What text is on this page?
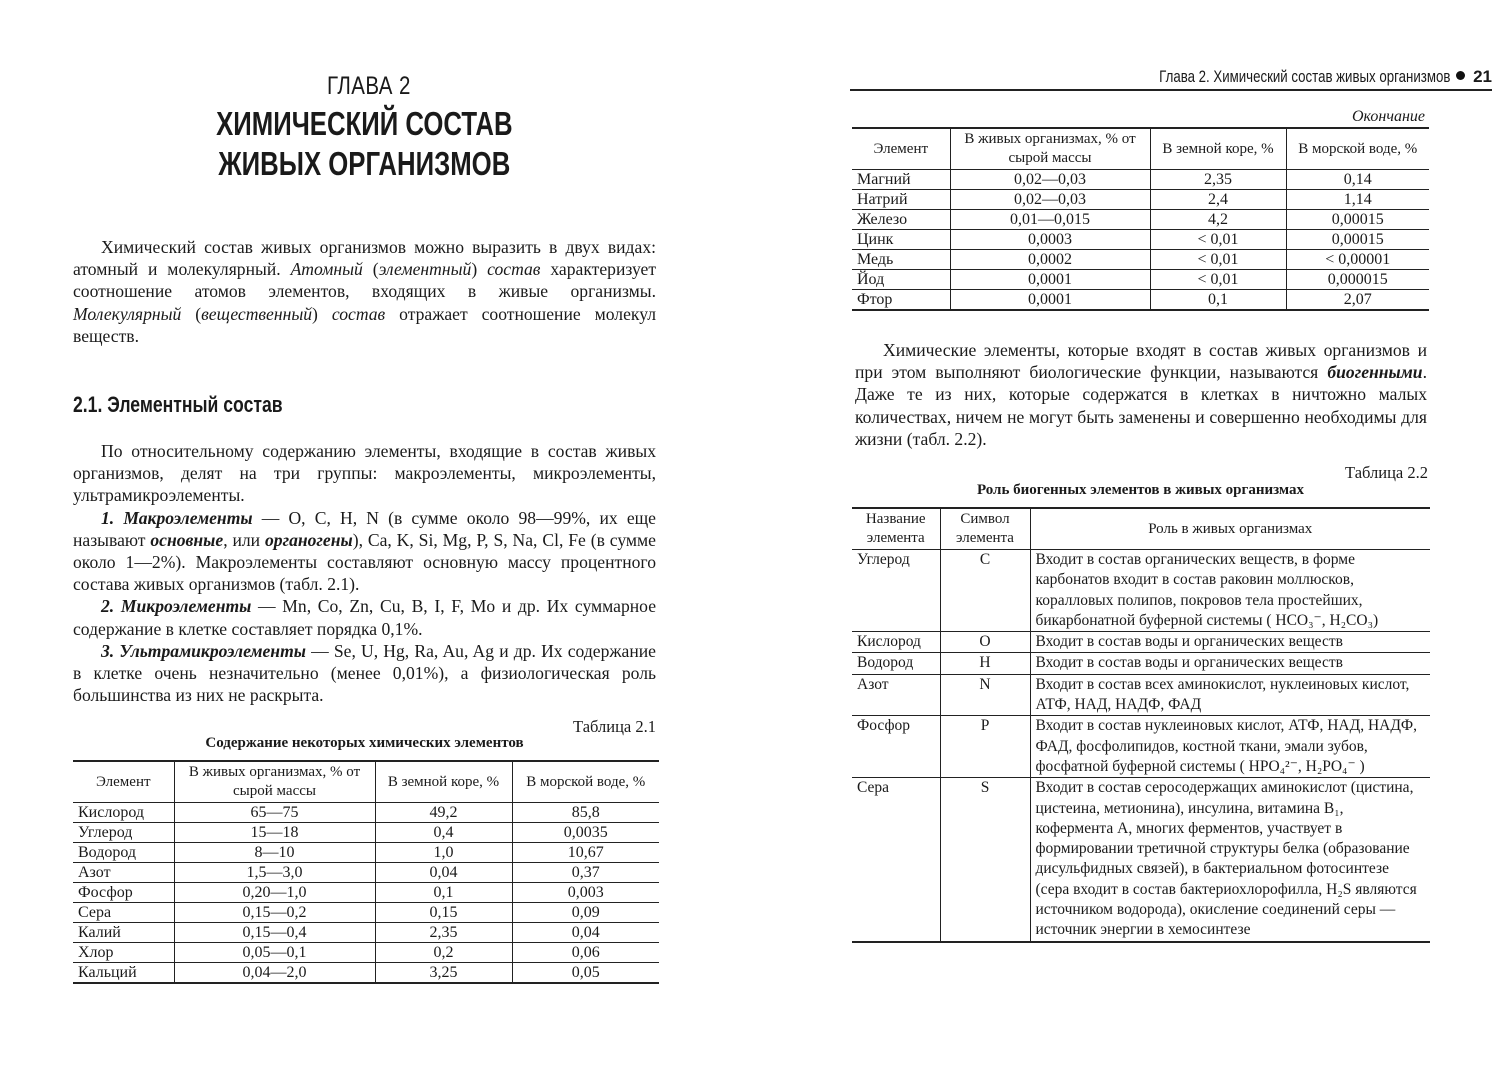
ГЛАВА 2
ХИМИЧЕСКИЙ СОСТАВ
ЖИВЫХ ОРГАНИЗМОВ

Химический состав живых организмов можно выразить в двух видах: атомный и молекулярный. Атомный (элементный) состав характеризует соотношение атомов элементов, входящих в живые организмы. Молекулярный (вещественный) состав отражает соотношение молекул веществ.

2.1. Элементный состав

По относительному содержанию элементы, входящие в состав живых организмов, делят на три группы: макроэлементы, микроэлементы, ультрамикроэлементы.

1. Макроэлементы — O, C, H, N (в сумме около 98—99%, их еще называют основные, или органогены), Ca, K, Si, Mg, P, S, Na, Cl, Fe (в сумме около 1—2%). Макроэлементы составляют основную массу процентного состава живых организмов (табл. 2.1).

2. Микроэлементы — Mn, Co, Zn, Cu, B, I, F, Mo и др. Их суммарное содержание в клетке составляет порядка 0,1%.

3. Ультрамикроэлементы — Se, U, Hg, Ra, Au, Ag и др. Их содержание в клетке очень незначительно (менее 0,01%), а физиологическая роль большинства из них не раскрыта.

Таблица 2.1
Содержание некоторых химических элементов
Элемент	В живых организмах, % от сырой массы	В земной коре, %	В морской воде, %
Кислород	65—75	49,2	85,8
Углерод	15—18	0,4	0,0035
Водород	8—10	1,0	10,67
Азот	1,5—3,0	0,04	0,37
Фосфор	0,20—1,0	0,1	0,003
Сера	0,15—0,2	0,15	0,09
Калий	0,15—0,4	2,35	0,04
Хлор	0,05—0,1	0,2	0,06
Кальций	0,04—2,0	3,25	0,05
Глава 2. Химический состав живых организмов 21
Окончание
Элемент	В живых организмах, % от сырой массы	В земной коре, %	В морской воде, %
Магний	0,02—0,03	2,35	0,14
Натрий	0,02—0,03	2,4	1,14
Железо	0,01—0,015	4,2	0,00015
Цинк	0,0003	< 0,01	0,00015
Медь	0,0002	< 0,01	< 0,00001
Йод	0,0001	< 0,01	0,000015
Фтор	0,0001	0,1	2,07

Химические элементы, которые входят в состав живых организмов и при этом выполняют биологические функции, называются биогенными. Даже те из них, которые содержатся в клетках в ничтожно малых количествах, ничем не могут быть заменены и совершенно необходимы для жизни (табл. 2.2).

Таблица 2.2
Роль биогенных элементов в живых организмах
Название элемента	Символ элемента	Роль в живых организмах
Углерод	C	Входит в состав органических веществ, в форме карбонатов входит в состав раковин моллюсков, коралловых полипов, покровов тела простейших, бикарбонатной буферной системы ( HCO₃⁻, H₂CO₃)
Кислород	O	Входит в состав воды и органических веществ
Водород	H	Входит в состав воды и органических веществ
Азот	N	Входит в состав всех аминокислот, нуклеиновых кислот, АТФ, НАД, НАДФ, ФАД
Фосфор	P	Входит в состав нуклеиновых кислот, АТФ, НАД, НАДФ, ФАД, фосфолипидов, костной ткани, эмали зубов, фосфатной буферной системы ( HPO₄²⁻, H₂PO₄⁻ )
Сера	S	Входит в состав серосодержащих аминокислот (цистина, цистеина, метионина), инсулина, витамина B₁, кофермента А, многих ферментов, участвует в формировании третичной структуры белка (образование дисульфидных связей), в бактериальном фотосинтезе (сера входит в состав бактериохлорофилла, H₂S являются источником водорода), окисление соединений серы — источник энергии в хемосинтезе
